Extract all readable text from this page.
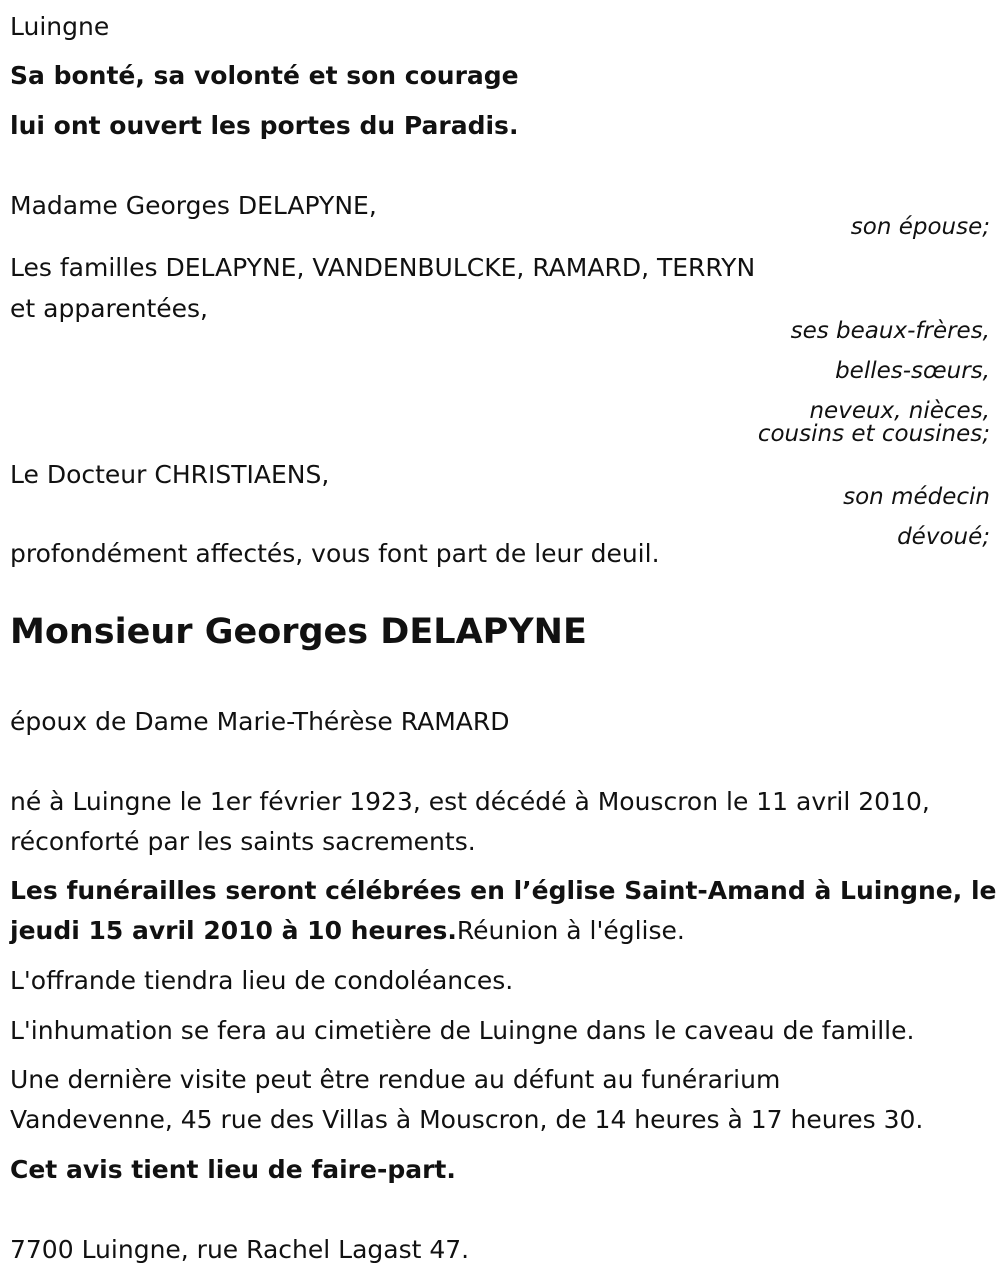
Luingne
Sa bonté, sa volonté et son courage
lui ont ouvert les portes du Paradis.
Madame Georges DELAPYNE,
son épouse;
Les familles DELAPYNE, VANDENBULCKE, RAMARD, TERRYN
et apparentées,
ses beaux-frères,
belles-sœurs,
neveux, nièces,
cousins et cousines;
Le Docteur CHRISTIAENS,
son médecin
dévoué;
profondément affectés, vous font part de leur deuil.
Monsieur Georges DELAPYNE
époux de Dame Marie-Thérèse RAMARD
né à Luingne le 1er février 1923, est décédé à Mouscron le 11 avril 2010,
réconforté par les saints sacrements.
Les funérailles seront célébrées en l’église Saint-Amand à Luingne, le
jeudi 15 avril 2010 à 10 heures.Réunion à l'église.
L'offrande tiendra lieu de condoléances.
L'inhumation se fera au cimetière de Luingne dans le caveau de famille.
Une dernière visite peut être rendue au défunt au funérarium
Vandevenne, 45 rue des Villas à Mouscron, de 14 heures à 17 heures 30.
Cet avis tient lieu de faire-part.
7700 Luingne, rue Rachel Lagast 47.
